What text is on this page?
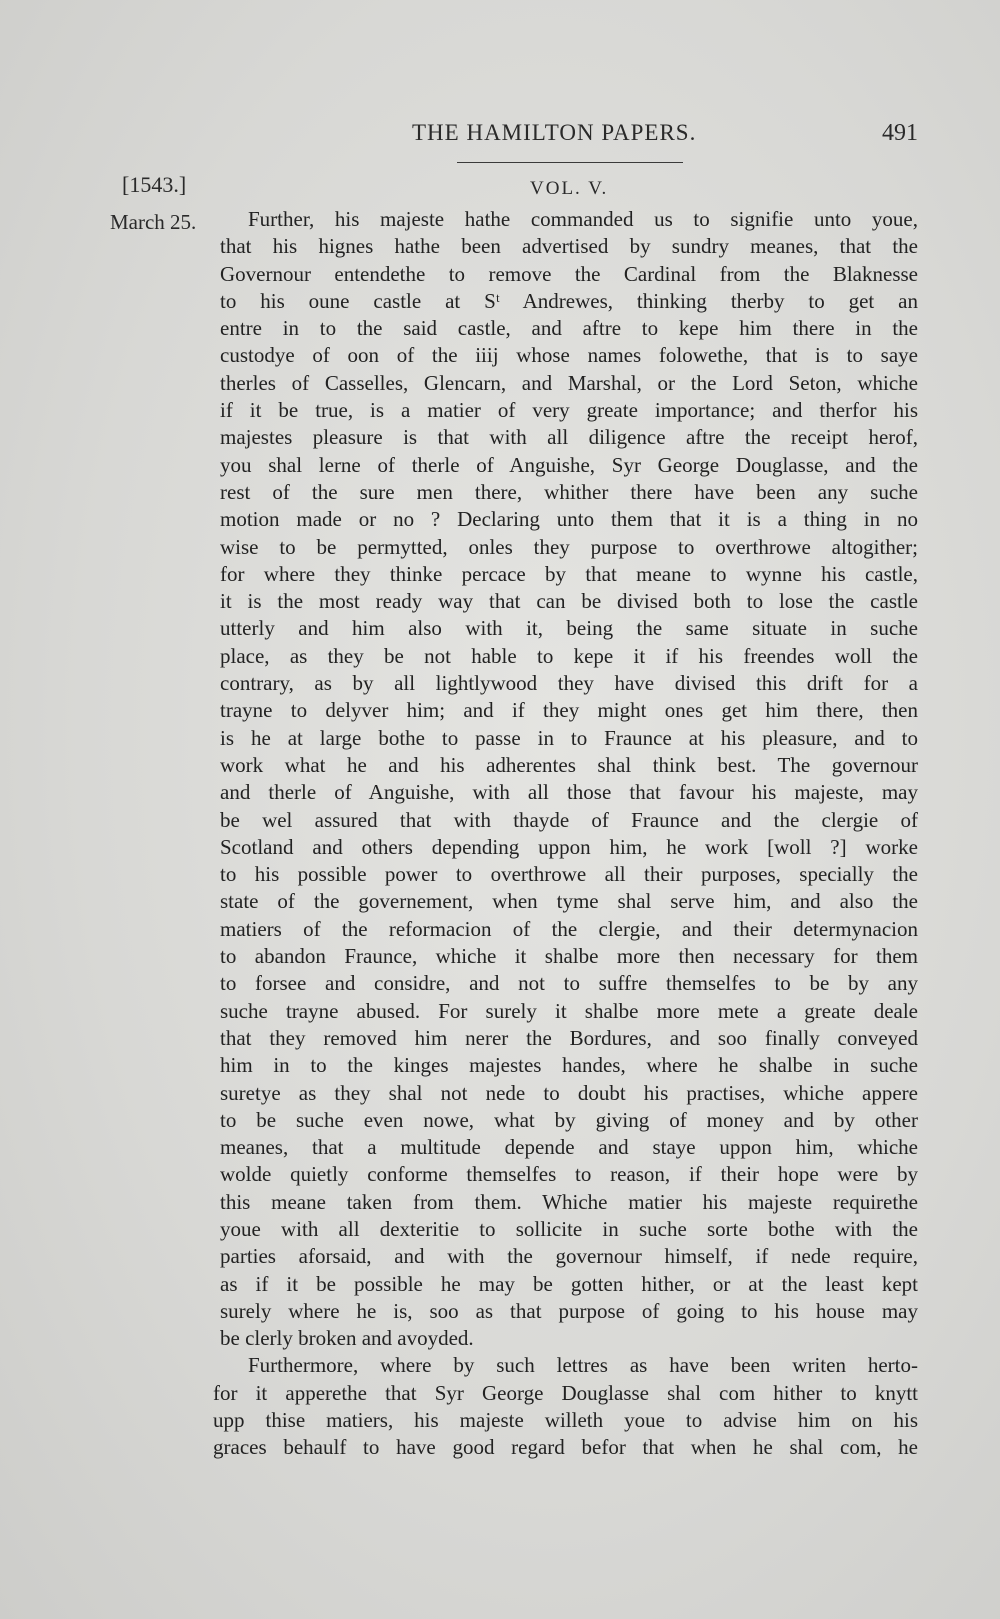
THE HAMILTON PAPERS.	491
[1543.]	VOL. V.
March 25.	Further, his majeste hathe commanded us to signifie unto youe,
that his hignes hathe been advertised by sundry meanes, that the
Governour entendethe to remove the Cardinal from the Blaknesse
to his oune castle at Sᵗ Andrewes, thinking therby to get an
entre in to the said castle, and aftre to kepe him there in the
custodye of oon of the iiij whose names folowethe, that is to saye
therles of Casselles, Glencarn, and Marshal, or the Lord Seton, whiche
if it be true, is a matier of very greate importance; and therfor his
majestes pleasure is that with all diligence aftre the receipt herof,
you shal lerne of therle of Anguishe, Syr George Douglasse, and the
rest of the sure men there, whither there have been any suche
motion made or no ? Declaring unto them that it is a thing in no
wise to be permytted, onles they purpose to overthrowe altogither;
for where they thinke percace by that meane to wynne his castle,
it is the most ready way that can be divised both to lose the castle
utterly and him also with it, being the same situate in suche
place, as they be not hable to kepe it if his freendes woll the
contrary, as by all lightlywood they have divised this drift for a
trayne to delyver him; and if they might ones get him there, then
is he at large bothe to passe in to Fraunce at his pleasure, and to
work what he and his adherentes shal think best. The governour
and therle of Anguishe, with all those that favour his majeste, may
be wel assured that with thayde of Fraunce and the clergie of
Scotland and others depending uppon him, he work [woll ?] worke
to his possible power to overthrowe all their purposes, specially the
state of the governement, when tyme shal serve him, and also the
matiers of the reformacion of the clergie, and their determynacion
to abandon Fraunce, whiche it shalbe more then necessary for them
to forsee and considre, and not to suffre themselfes to be by any
suche trayne abused. For surely it shalbe more mete a greate deale
that they removed him nerer the Bordures, and soo finally conveyed
him in to the kinges majestes handes, where he shalbe in suche
suretye as they shal not nede to doubt his practises, whiche appere
to be suche even nowe, what by giving of money and by other
meanes, that a multitude depende and staye uppon him, whiche
wolde quietly conforme themselfes to reason, if their hope were by
this meane taken from them. Whiche matier his majeste requirethe
youe with all dexteritie to sollicite in suche sorte bothe with the
parties aforsaid, and with the governour himself, if nede require,
as if it be possible he may be gotten hither, or at the least kept
surely where he is, soo as that purpose of going to his house may
be clerly broken and avoyded.
Furthermore, where by such lettres as have been writen herto-
for it apperethe that Syr George Douglasse shal com hither to knytt
upp thise matiers, his majeste willeth youe to advise him on his
graces behaulf to have good regard befor that when he shal com, he
